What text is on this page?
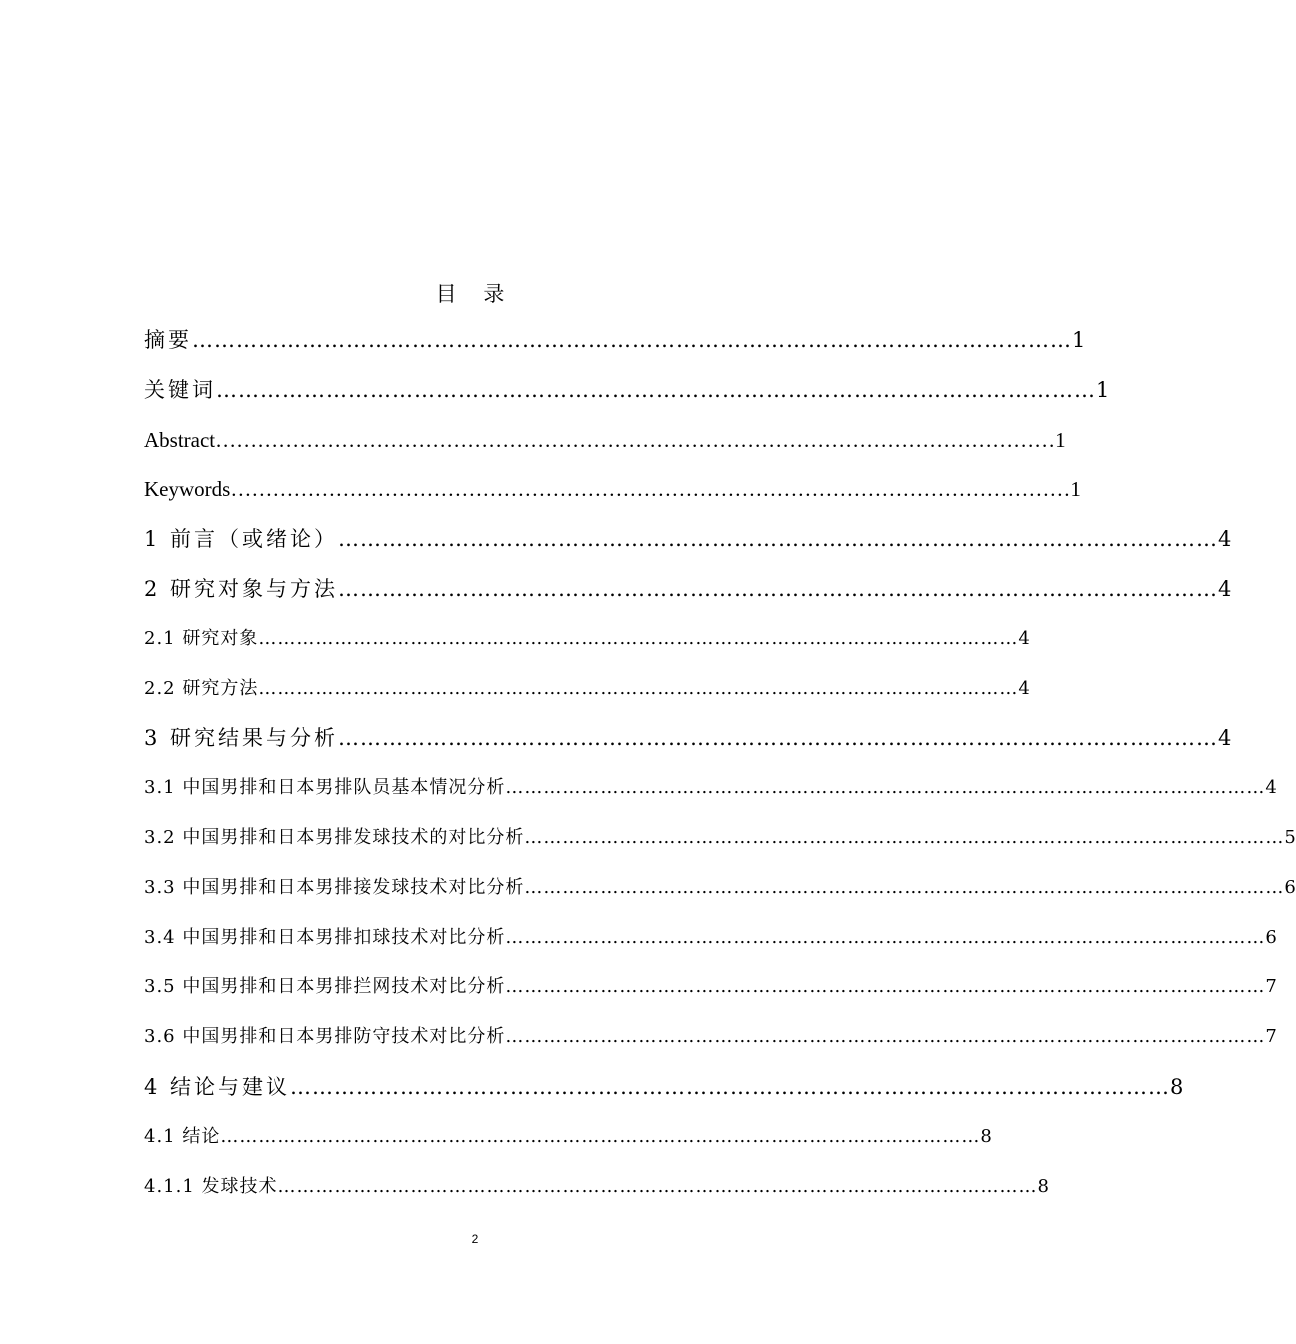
目 录
摘要 ………………………………………………………………………………………………………… 1
关键词 ………………………………………………………………………………………………………… 1
Abstract ………………………………………………………………………………………………………… 1
Keywords ………………………………………………………………………………………………………… 1
1 前言（或绪论） ………………………………………………………………………………………………………… 4
2 研究对象与方法 ………………………………………………………………………………………………………… 4
2.1 研究对象 ………………………………………………………………………………………………………… 4
2.2 研究方法 ………………………………………………………………………………………………………… 4
3 研究结果与分析 ………………………………………………………………………………………………………… 4
3.1 中国男排和日本男排队员基本情况分析 ………………………………………………………………………………………………………… 4
3.2 中国男排和日本男排发球技术的对比分析 ………………………………………………………………………………………………………… 5
3.3 中国男排和日本男排接发球技术对比分析 ………………………………………………………………………………………………………… 6
3.4 中国男排和日本男排扣球技术对比分析 ………………………………………………………………………………………………………… 6
3.5 中国男排和日本男排拦网技术对比分析 ………………………………………………………………………………………………………… 7
3.6 中国男排和日本男排防守技术对比分析 ………………………………………………………………………………………………………… 7
4 结论与建议 ………………………………………………………………………………………………………… 8
4.1 结论 ………………………………………………………………………………………………………… 8
4.1.1 发球技术 ………………………………………………………………………………………………………… 8
2
